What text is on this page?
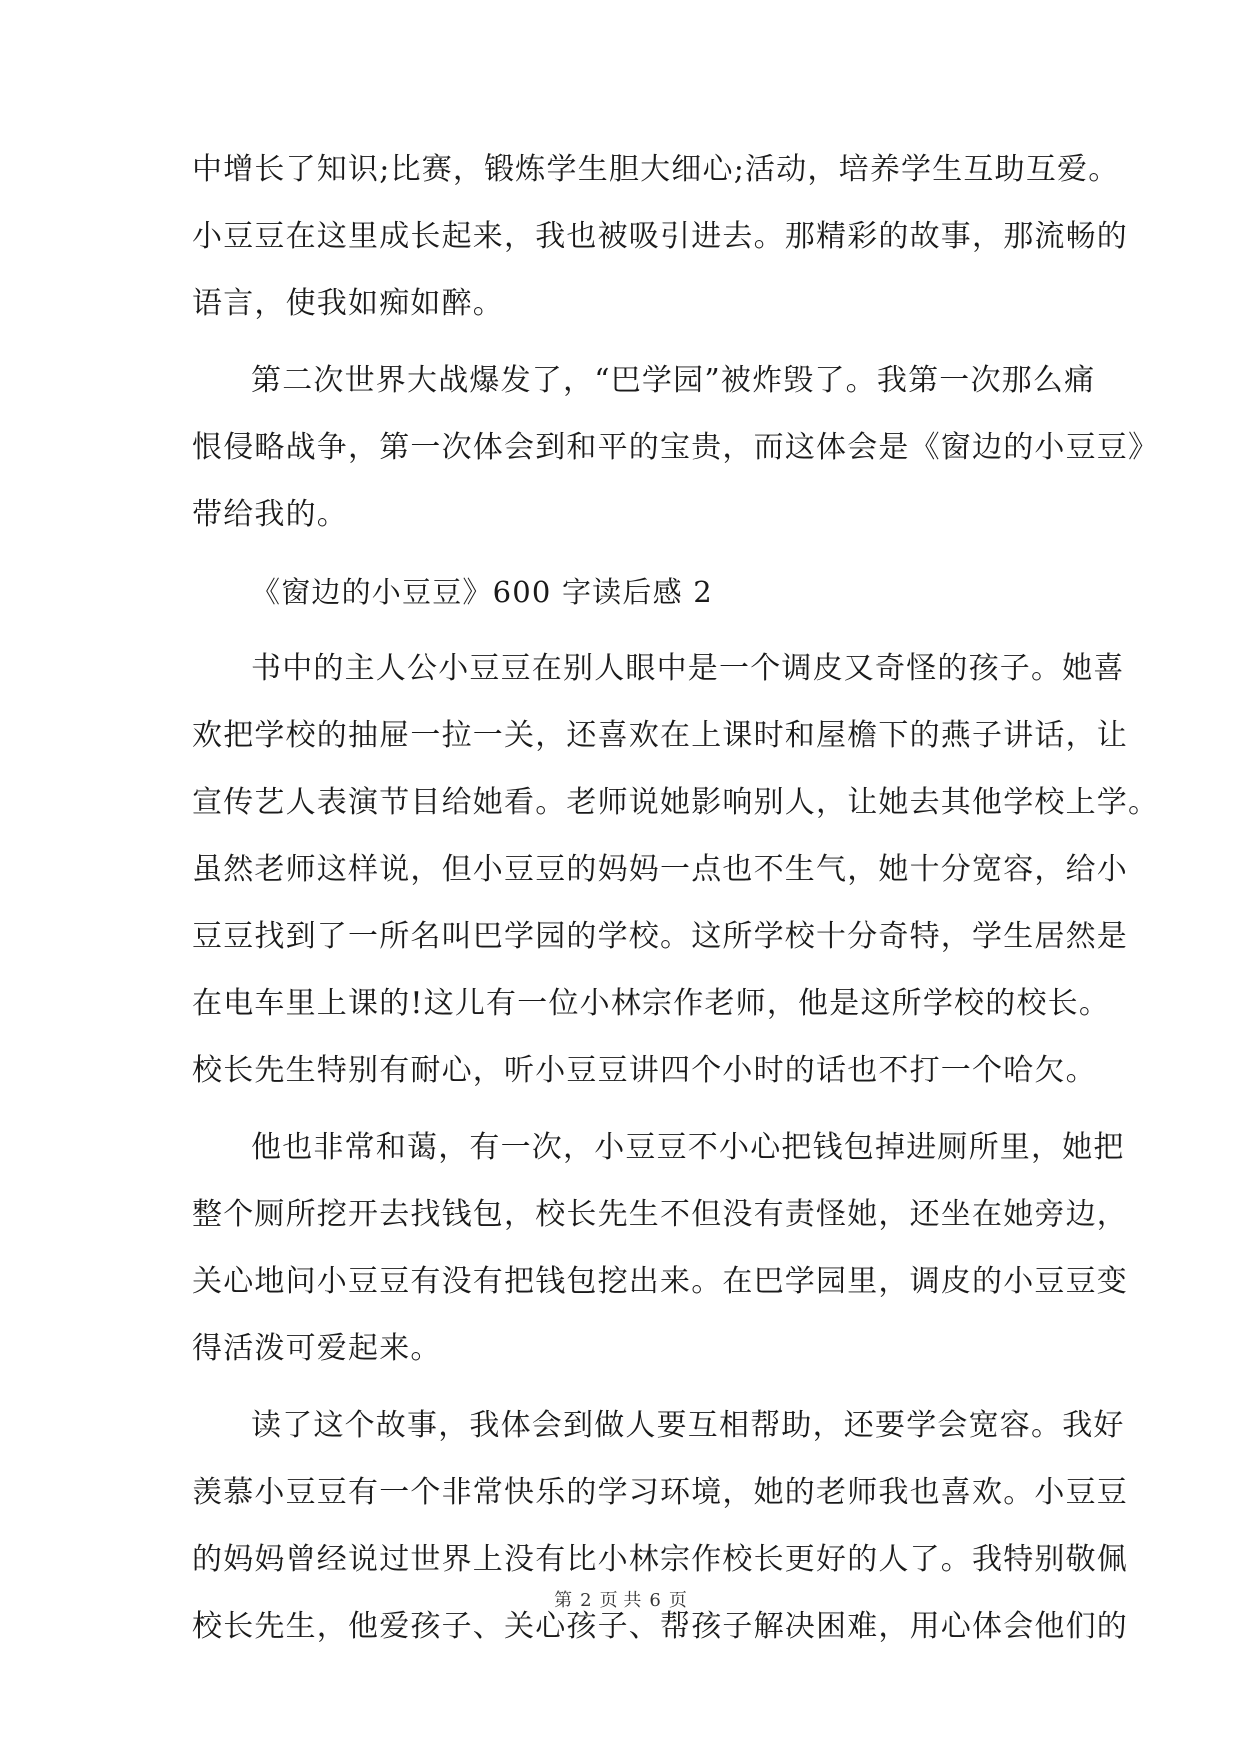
中增长了知识;比赛，锻炼学生胆大细心;活动，培养学生互助互爱。
小豆豆在这里成长起来，我也被吸引进去。那精彩的故事，那流畅的
语言，使我如痴如醉。
第二次世界大战爆发了，“巴学园”被炸毁了。我第一次那么痛
恨侵略战争，第一次体会到和平的宝贵，而这体会是《窗边的小豆豆》
带给我的。
《窗边的小豆豆》600 字读后感 2
书中的主人公小豆豆在别人眼中是一个调皮又奇怪的孩子。她喜
欢把学校的抽屉一拉一关，还喜欢在上课时和屋檐下的燕子讲话，让
宣传艺人表演节目给她看。老师说她影响别人，让她去其他学校上学。
虽然老师这样说，但小豆豆的妈妈一点也不生气，她十分宽容，给小
豆豆找到了一所名叫巴学园的学校。这所学校十分奇特，学生居然是
在电车里上课的!这儿有一位小林宗作老师，他是这所学校的校长。
校长先生特别有耐心，听小豆豆讲四个小时的话也不打一个哈欠。
他也非常和蔼，有一次，小豆豆不小心把钱包掉进厕所里，她把
整个厕所挖开去找钱包，校长先生不但没有责怪她，还坐在她旁边，
关心地问小豆豆有没有把钱包挖出来。在巴学园里，调皮的小豆豆变
得活泼可爱起来。
读了这个故事，我体会到做人要互相帮助，还要学会宽容。我好
羡慕小豆豆有一个非常快乐的学习环境，她的老师我也喜欢。小豆豆
的妈妈曾经说过世界上没有比小林宗作校长更好的人了。我特别敬佩
校长先生，他爱孩子、关心孩子、帮孩子解决困难，用心体会他们的
第 2 页 共 6 页
